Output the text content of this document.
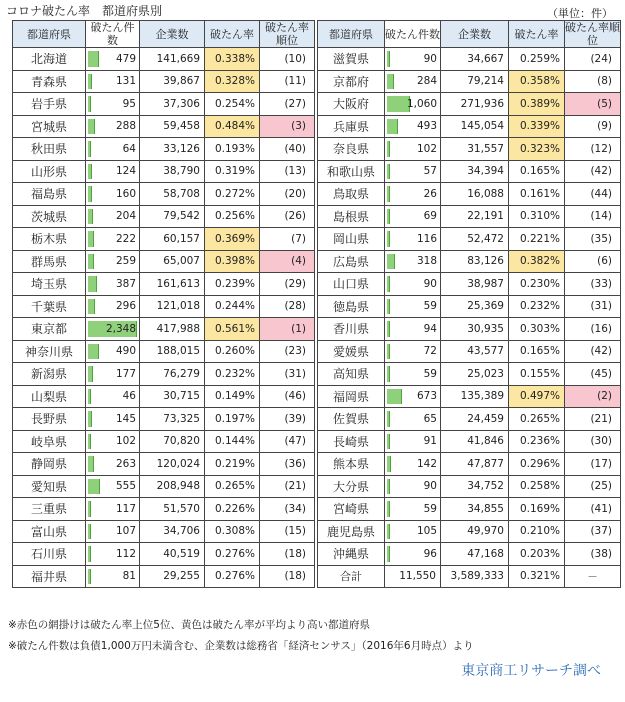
コロナ破たん率　都道府県別	（単位：件）
都道府県	破たん件数	企業数	破たん率	破たん率順位
北海道	479	141,669	0.338%	(10)
青森県	131	39,867	0.328%	(11)
岩手県	95	37,306	0.254%	(27)
宮城県	288	59,458	0.484%	(3)
秋田県	64	33,126	0.193%	(40)
山形県	124	38,790	0.319%	(13)
福島県	160	58,708	0.272%	(20)
茨城県	204	79,542	0.256%	(26)
栃木県	222	60,157	0.369%	(7)
群馬県	259	65,007	0.398%	(4)
埼玉県	387	161,613	0.239%	(29)
千葉県	296	121,018	0.244%	(28)
東京都	2,348	417,988	0.561%	(1)
神奈川県	490	188,015	0.260%	(23)
新潟県	177	76,279	0.232%	(31)
山梨県	46	30,715	0.149%	(46)
長野県	145	73,325	0.197%	(39)
岐阜県	102	70,820	0.144%	(47)
静岡県	263	120,024	0.219%	(36)
愛知県	555	208,948	0.265%	(21)
三重県	117	51,570	0.226%	(34)
富山県	107	34,706	0.308%	(15)
石川県	112	40,519	0.276%	(18)
福井県	81	29,255	0.276%	(18)
都道府県	破たん件数	企業数	破たん率	破たん率順位
滋賀県	90	34,667	0.259%	(24)
京都府	284	79,214	0.358%	(8)
大阪府	1,060	271,936	0.389%	(5)
兵庫県	493	145,054	0.339%	(9)
奈良県	102	31,557	0.323%	(12)
和歌山県	57	34,394	0.165%	(42)
鳥取県	26	16,088	0.161%	(44)
島根県	69	22,191	0.310%	(14)
岡山県	116	52,472	0.221%	(35)
広島県	318	83,126	0.382%	(6)
山口県	90	38,987	0.230%	(33)
徳島県	59	25,369	0.232%	(31)
香川県	94	30,935	0.303%	(16)
愛媛県	72	43,577	0.165%	(42)
高知県	59	25,023	0.155%	(45)
福岡県	673	135,389	0.497%	(2)
佐賀県	65	24,459	0.265%	(21)
長崎県	91	41,846	0.236%	(30)
熊本県	142	47,877	0.296%	(17)
大分県	90	34,752	0.258%	(25)
宮崎県	59	34,855	0.169%	(41)
鹿児島県	105	49,970	0.210%	(37)
沖縄県	96	47,168	0.203%	(38)
合計	11,550	3,589,333	0.321%	－
※赤色の網掛けは破たん率上位5位、黄色は破たん率が平均より高い都道府県
※破たん件数は負債1,000万円未満含む、企業数は総務省「経済センサス」（2016年6月時点）より
東京商工リサーチ調べ
